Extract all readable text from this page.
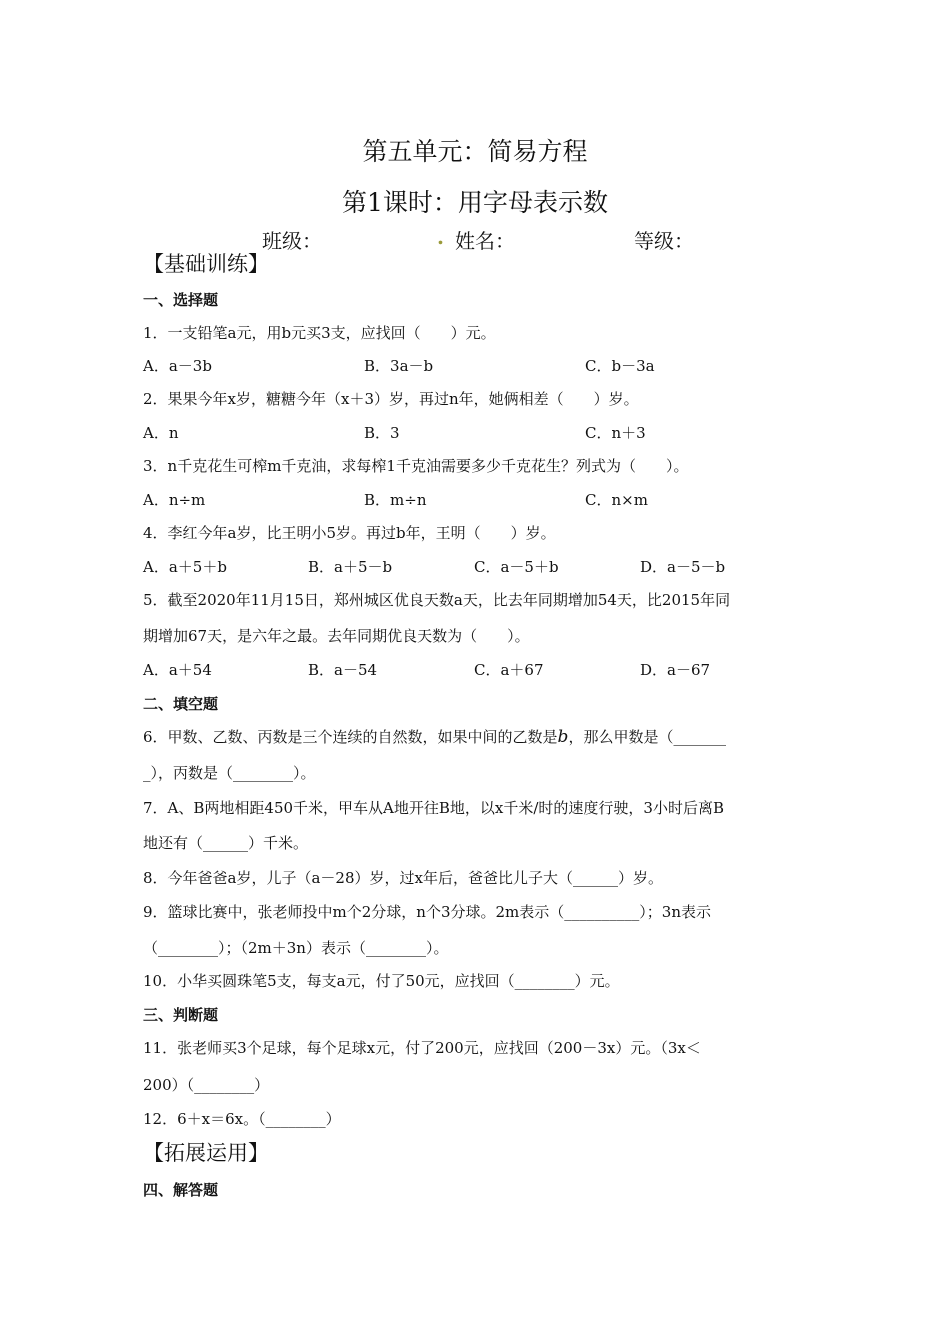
第五单元：简易方程
第1课时：用字母表示数
班级：	. 姓名：	等级：
【基础训练】
一、选择题
1．一支铅笔a元，用b元买3支，应找回（　　）元。
A．a－3b	B．3a－b	C．b－3a
2．果果今年x岁，糖糖今年（x＋3）岁，再过n年，她俩相差（　　）岁。
A．n	B．3	C．n＋3
3．n千克花生可榨m千克油，求每榨1千克油需要多少千克花生？列式为（　　）。
A．n÷m	B．m÷n	C．n×m
4．李红今年a岁，比王明小5岁。再过b年，王明（　　）岁。
A．a＋5＋b	B．a＋5－b	C．a－5＋b	D．a－5－b
5．截至2020年11月15日，郑州城区优良天数a天，比去年同期增加54天，比2015年同
期增加67天，是六年之最。去年同期优良天数为（　　）。
A．a＋54	B．a－54	C．a＋67	D．a－67
二、填空题
6．甲数、乙数、丙数是三个连续的自然数，如果中间的乙数是b，那么甲数是（_______
_），丙数是（________）。
7．A、B两地相距450千米，甲车从A地开往B地，以x千米/时的速度行驶，3小时后离B
地还有（______）千米。
8．今年爸爸a岁，儿子（a－28）岁，过x年后，爸爸比儿子大（______）岁。
9．篮球比赛中，张老师投中m个2分球，n个3分球。2m表示（__________）；3n表示
（________）；（2m＋3n）表示（________）。
10．小华买圆珠笔5支，每支a元，付了50元，应找回（________）元。
三、判断题
11．张老师买3个足球，每个足球x元，付了200元，应找回（200－3x）元。（3x＜
200）（________）
12．6＋x＝6x。（________）
【拓展运用】
四、解答题
